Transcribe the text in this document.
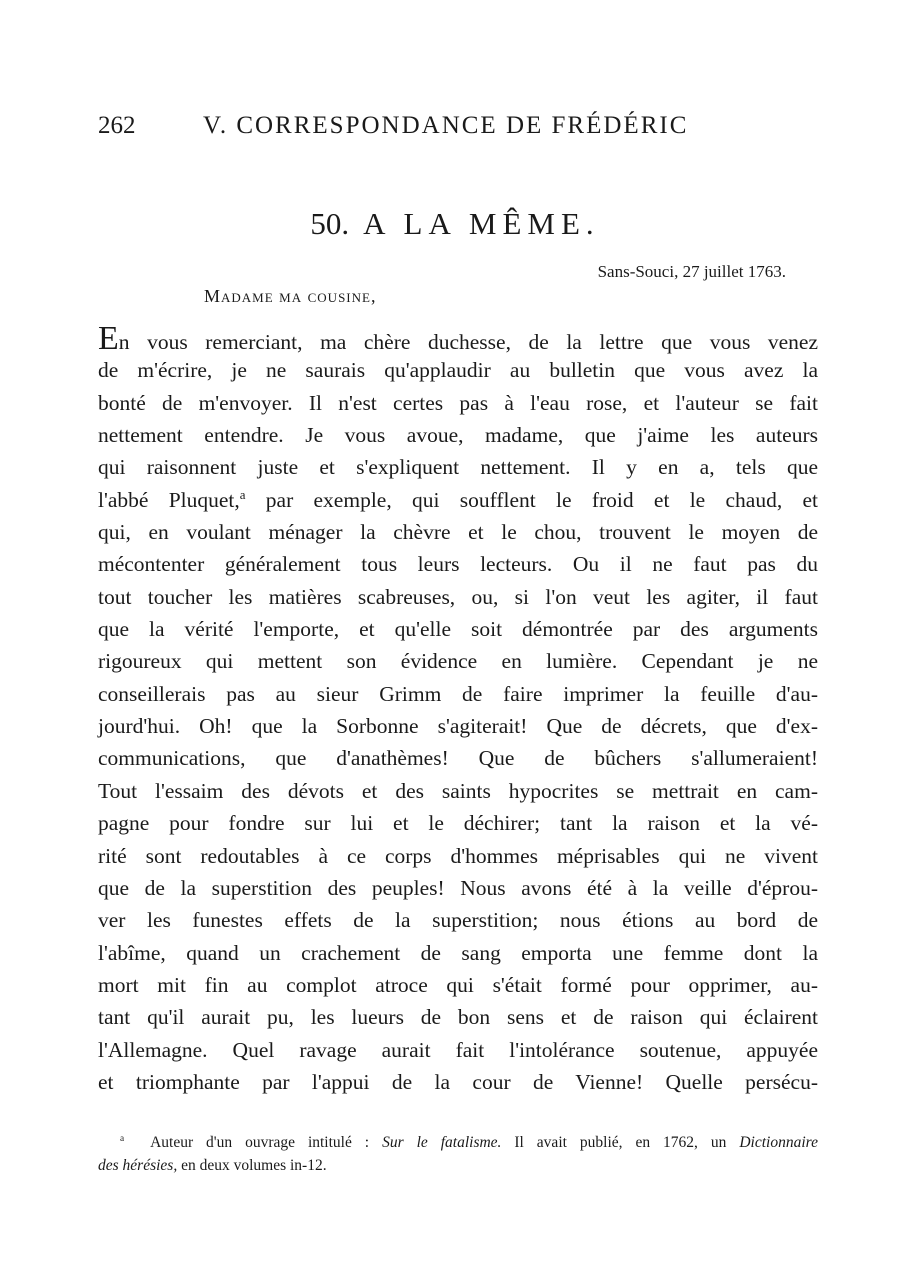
262	V. CORRESPONDANCE DE FRÉDÉRIC
50. A LA MÊME.
Sans-Souci, 27 juillet 1763.
Madame ma cousine,
En vous remerciant, ma chère duchesse, de la lettre que vous venez
de m'écrire, je ne saurais qu'applaudir au bulletin que vous avez la
bonté de m'envoyer. Il n'est certes pas à l'eau rose, et l'auteur se fait
nettement entendre. Je vous avoue, madame, que j'aime les auteurs
qui raisonnent juste et s'expliquent nettement. Il y en a, tels que
l'abbé Pluquet,$^a$ par exemple, qui soufflent le froid et le chaud, et
qui, en voulant ménager la chèvre et le chou, trouvent le moyen de
mécontenter généralement tous leurs lecteurs. Ou il ne faut pas du
tout toucher les matières scabreuses, ou, si l'on veut les agiter, il faut
que la vérité l'emporte, et qu'elle soit démontrée par des arguments
rigoureux qui mettent son évidence en lumière. Cependant je ne
conseillerais pas au sieur Grimm de faire imprimer la feuille d'au-
jourd'hui. Oh! que la Sorbonne s'agiterait! Que de décrets, que d'ex-
communications, que d'anathèmes! Que de bûchers s'allumeraient!
Tout l'essaim des dévots et des saints hypocrites se mettrait en cam-
pagne pour fondre sur lui et le déchirer; tant la raison et la vé-
rité sont redoutables à ce corps d'hommes méprisables qui ne vivent
que de la superstition des peuples! Nous avons été à la veille d'éprou-
ver les funestes effets de la superstition; nous étions au bord de
l'abîme, quand un crachement de sang emporta une femme dont la
mort mit fin au complot atroce qui s'était formé pour opprimer, au-
tant qu'il aurait pu, les lueurs de bon sens et de raison qui éclairent
l'Allemagne. Quel ravage aurait fait l'intolérance soutenue, appuyée
et triomphante par l'appui de la cour de Vienne! Quelle persécu-
$^a$ Auteur d'un ouvrage intitulé : Sur le fatalisme. Il avait publié, en 1762, un Dictionnaire
des hérésies, en deux volumes in-12.
